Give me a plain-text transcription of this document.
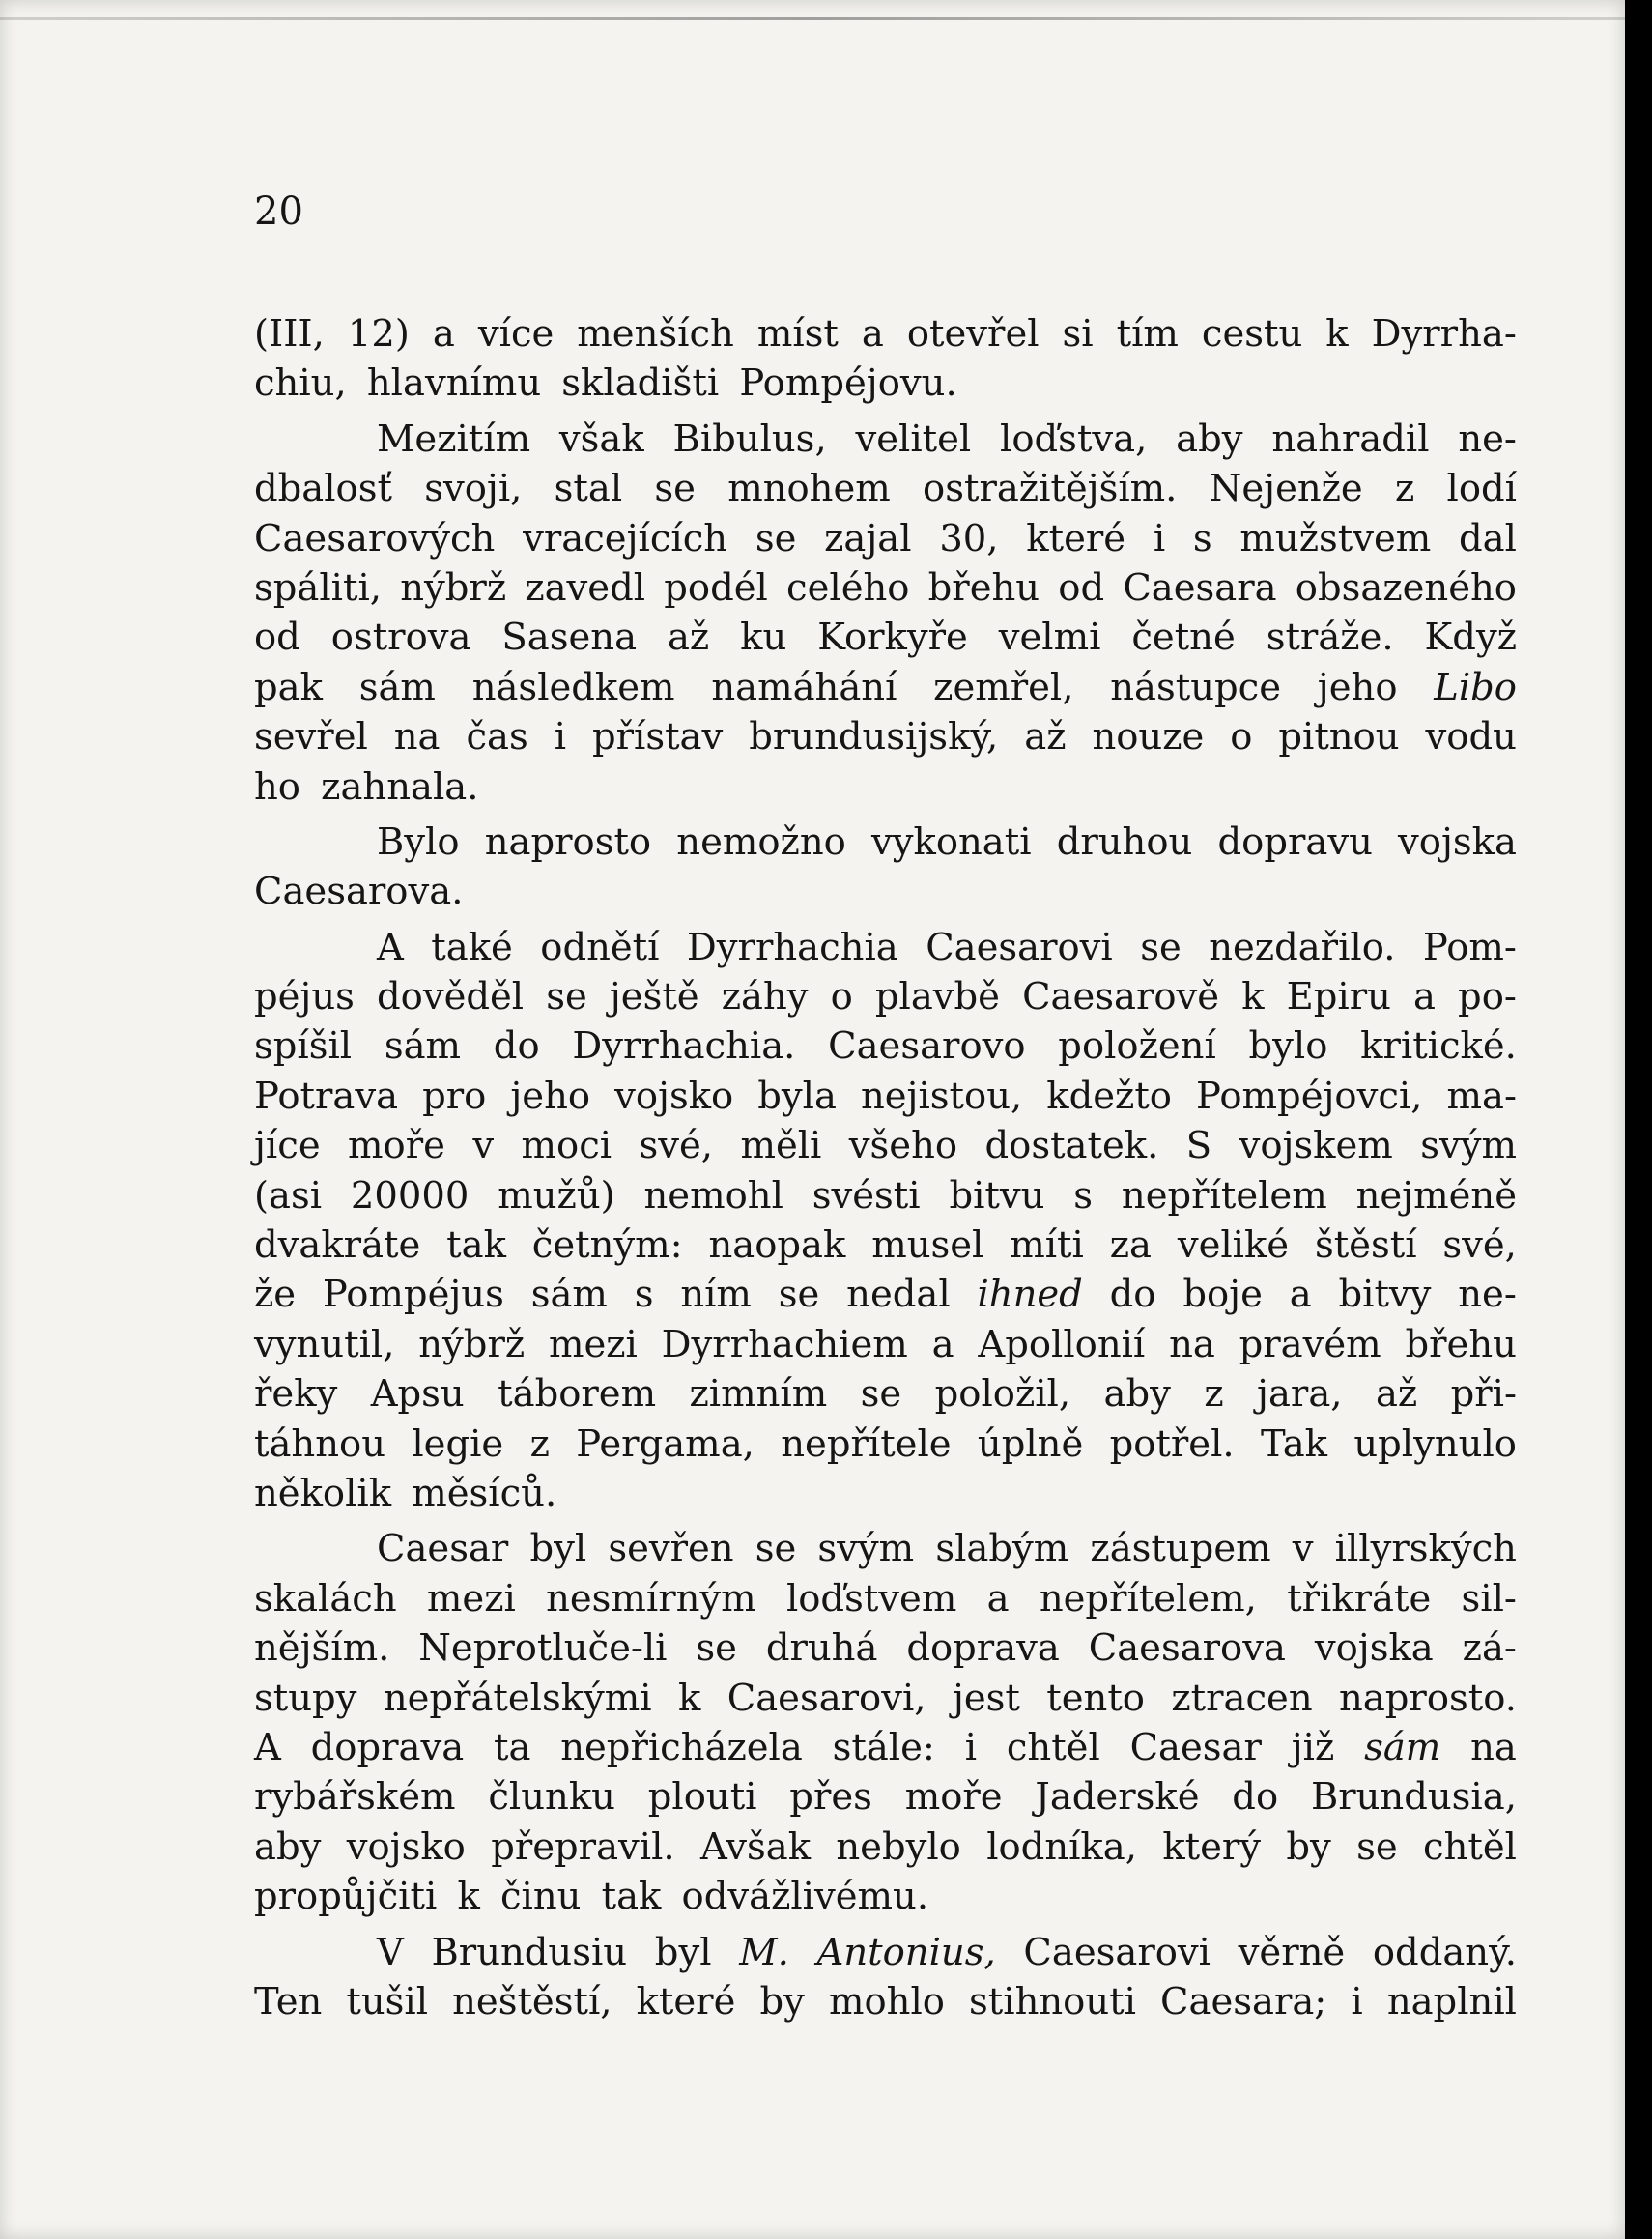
20
(III, 12) a více menších míst a otevřel si tím cestu k Dyrrha-
chiu, hlavnímu skladišti Pompéjovu.
Mezitím však Bibulus, velitel loďstva, aby nahradil ne-
dbalosť svoji, stal se mnohem ostražitějším. Nejenže z lodí
Caesarových vracejících se zajal 30, které i s mužstvem dal
spáliti, nýbrž zavedl podél celého břehu od Caesara obsazeného
od ostrova Sasena až ku Korkyře velmi četné stráže. Když
pak sám následkem namáhání zemřel, nástupce jeho Libo
sevřel na čas i přístav brundusijský, až nouze o pitnou vodu
ho zahnala.
Bylo naprosto nemožno vykonati druhou dopravu vojska
Caesarova.
A také odnětí Dyrrhachia Caesarovi se nezdařilo. Pom-
péjus dověděl se ještě záhy o plavbě Caesarově k Epiru a po-
spíšil sám do Dyrrhachia. Caesarovo položení bylo kritické.
Potrava pro jeho vojsko byla nejistou, kdežto Pompéjovci, ma-
jíce moře v moci své, měli všeho dostatek. S vojskem svým
(asi 20000 mužů) nemohl svésti bitvu s nepřítelem nejméně
dvakráte tak četným: naopak musel míti za veliké štěstí své,
že Pompéjus sám s ním se nedal ihned do boje a bitvy ne-
vynutil, nýbrž mezi Dyrrhachiem a Apollonií na pravém břehu
řeky Apsu táborem zimním se položil, aby z jara, až při-
táhnou legie z Pergama, nepřítele úplně potřel. Tak uplynulo
několik měsíců.
Caesar byl sevřen se svým slabým zástupem v illyrských
skalách mezi nesmírným loďstvem a nepřítelem, třikráte sil-
nějším. Neprotluče-li se druhá doprava Caesarova vojska zá-
stupy nepřátelskými k Caesarovi, jest tento ztracen naprosto.
A doprava ta nepřicházela stále: i chtěl Caesar již sám na
rybářském člunku plouti přes moře Jaderské do Brundusia,
aby vojsko přepravil. Avšak nebylo lodníka, který by se chtěl
propůjčiti k činu tak odvážlivému.
V Brundusiu byl M. Antonius, Caesarovi věrně oddaný.
Ten tušil neštěstí, které by mohlo stihnouti Caesara; i naplnil
